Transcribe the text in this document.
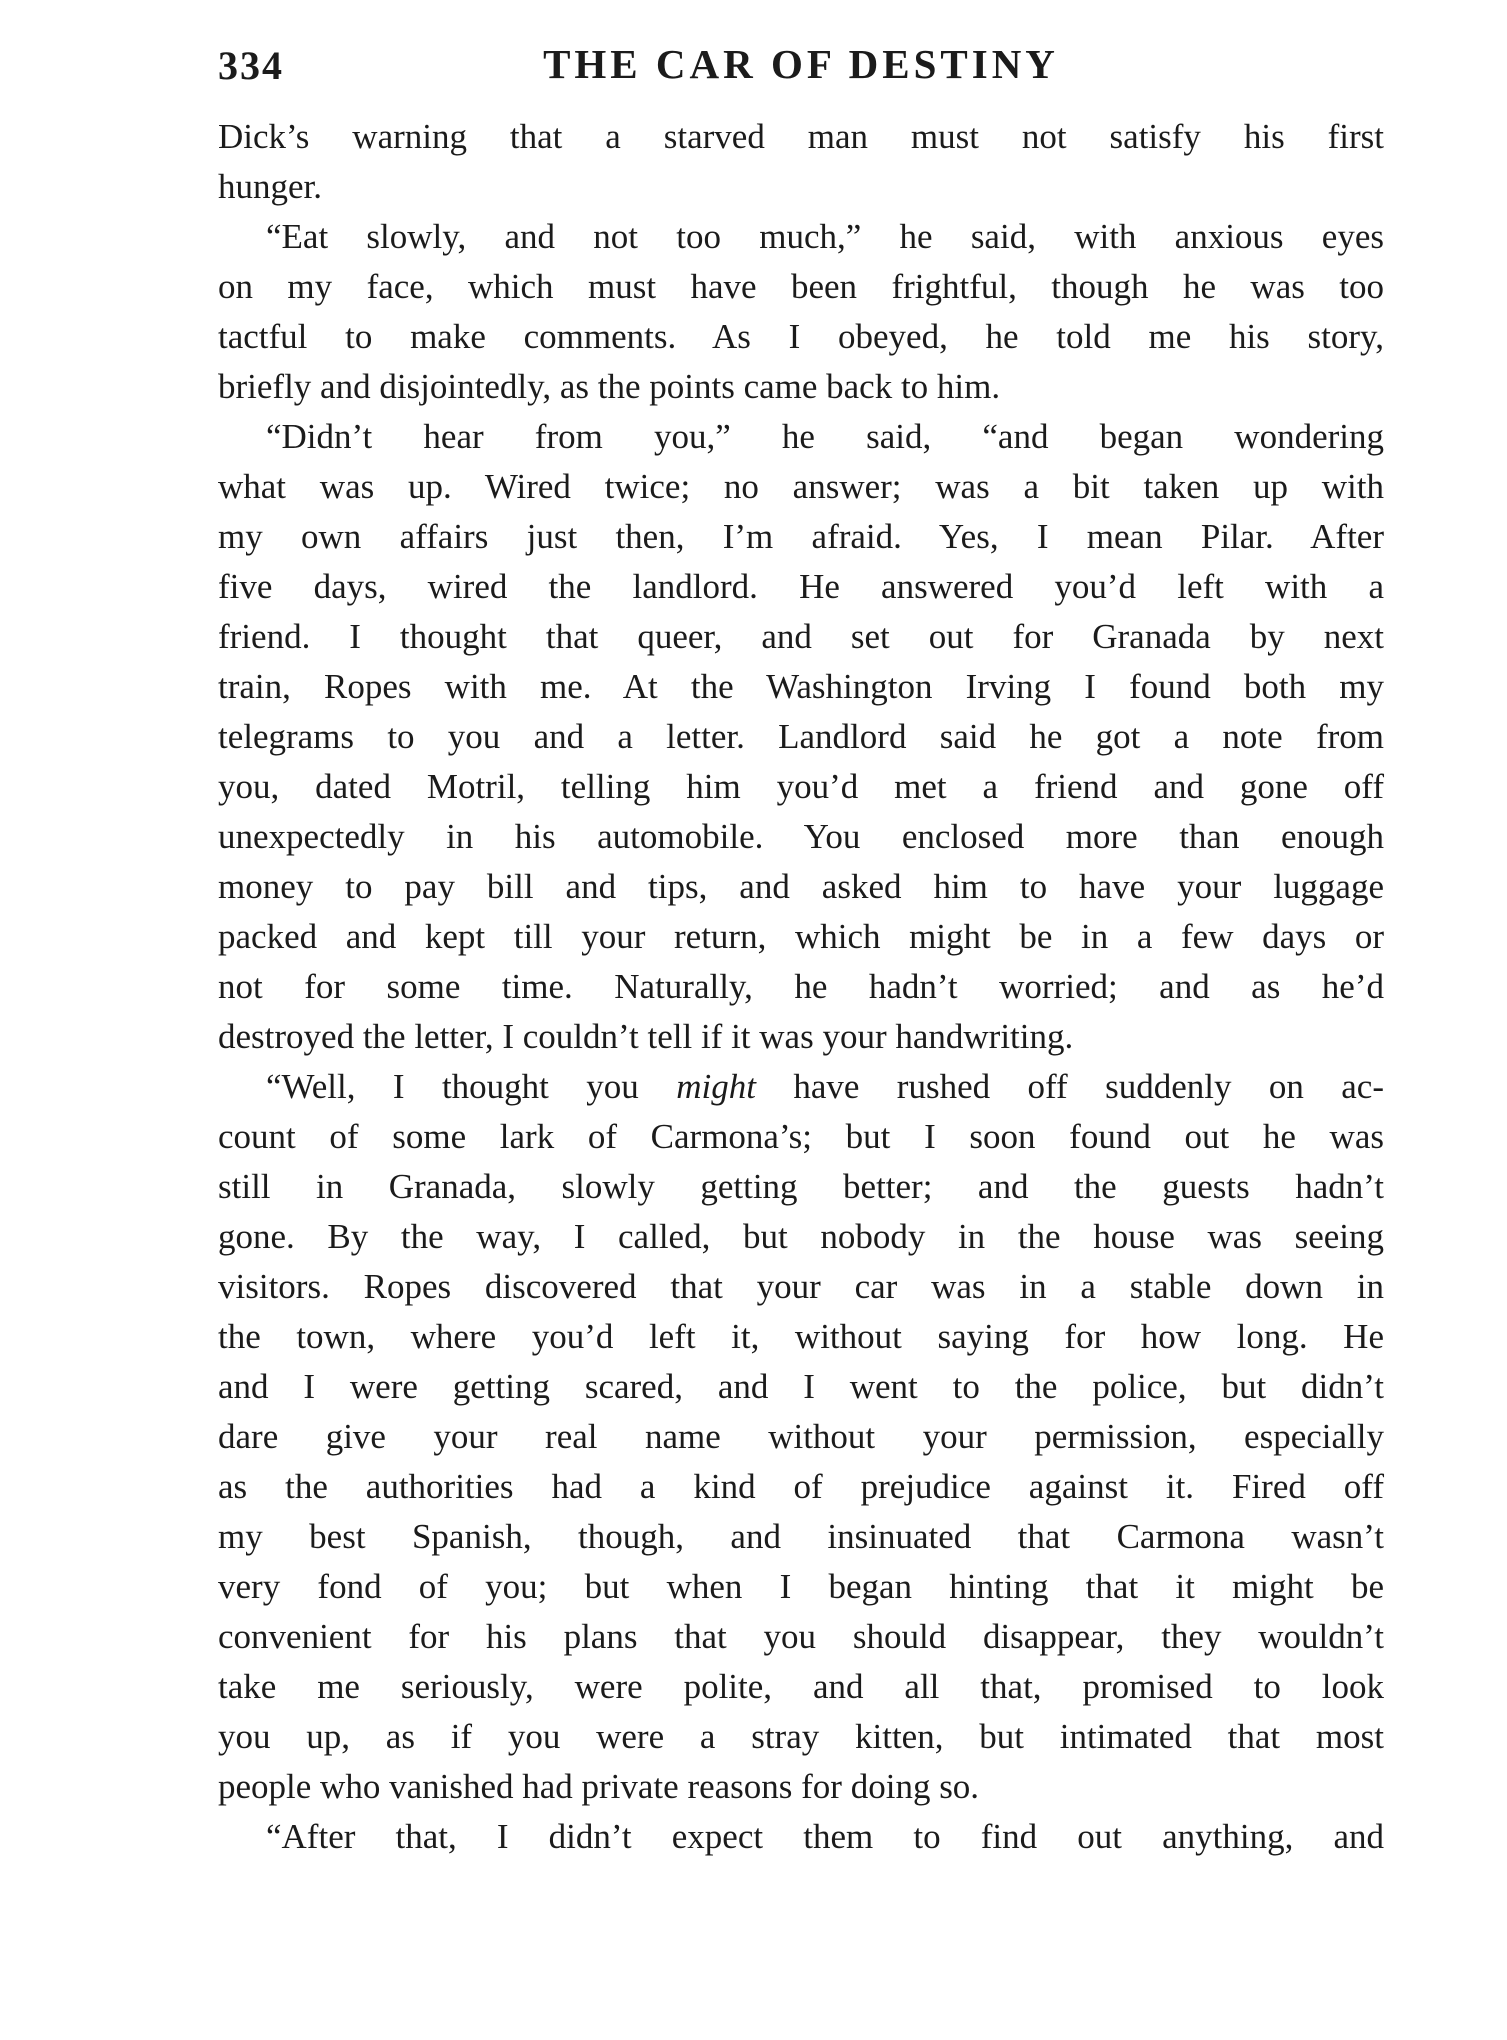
334	THE CAR OF DESTINY
Dick’s warning that a starved man must not satisfy his first
hunger.
“Eat slowly, and not too much,” he said, with anxious eyes
on my face, which must have been frightful, though he was too
tactful to make comments. As I obeyed, he told me his story,
briefly and disjointedly, as the points came back to him.
“Didn’t hear from you,” he said, “and began wondering
what was up. Wired twice; no answer; was a bit taken up with
my own affairs just then, I’m afraid. Yes, I mean Pilar. After
five days, wired the landlord. He answered you’d left with a
friend. I thought that queer, and set out for Granada by next
train, Ropes with me. At the Washington Irving I found both my
telegrams to you and a letter. Landlord said he got a note from
you, dated Motril, telling him you’d met a friend and gone off
unexpectedly in his automobile. You enclosed more than enough
money to pay bill and tips, and asked him to have your luggage
packed and kept till your return, which might be in a few days or
not for some time. Naturally, he hadn’t worried; and as he’d
destroyed the letter, I couldn’t tell if it was your handwriting.
“Well, I thought you might have rushed off suddenly on ac-
count of some lark of Carmona’s; but I soon found out he was
still in Granada, slowly getting better; and the guests hadn’t
gone. By the way, I called, but nobody in the house was seeing
visitors. Ropes discovered that your car was in a stable down in
the town, where you’d left it, without saying for how long. He
and I were getting scared, and I went to the police, but didn’t
dare give your real name without your permission, especially
as the authorities had a kind of prejudice against it. Fired off
my best Spanish, though, and insinuated that Carmona wasn’t
very fond of you; but when I began hinting that it might be
convenient for his plans that you should disappear, they wouldn’t
take me seriously, were polite, and all that, promised to look
you up, as if you were a stray kitten, but intimated that most
people who vanished had private reasons for doing so.
“After that, I didn’t expect them to find out anything, and
